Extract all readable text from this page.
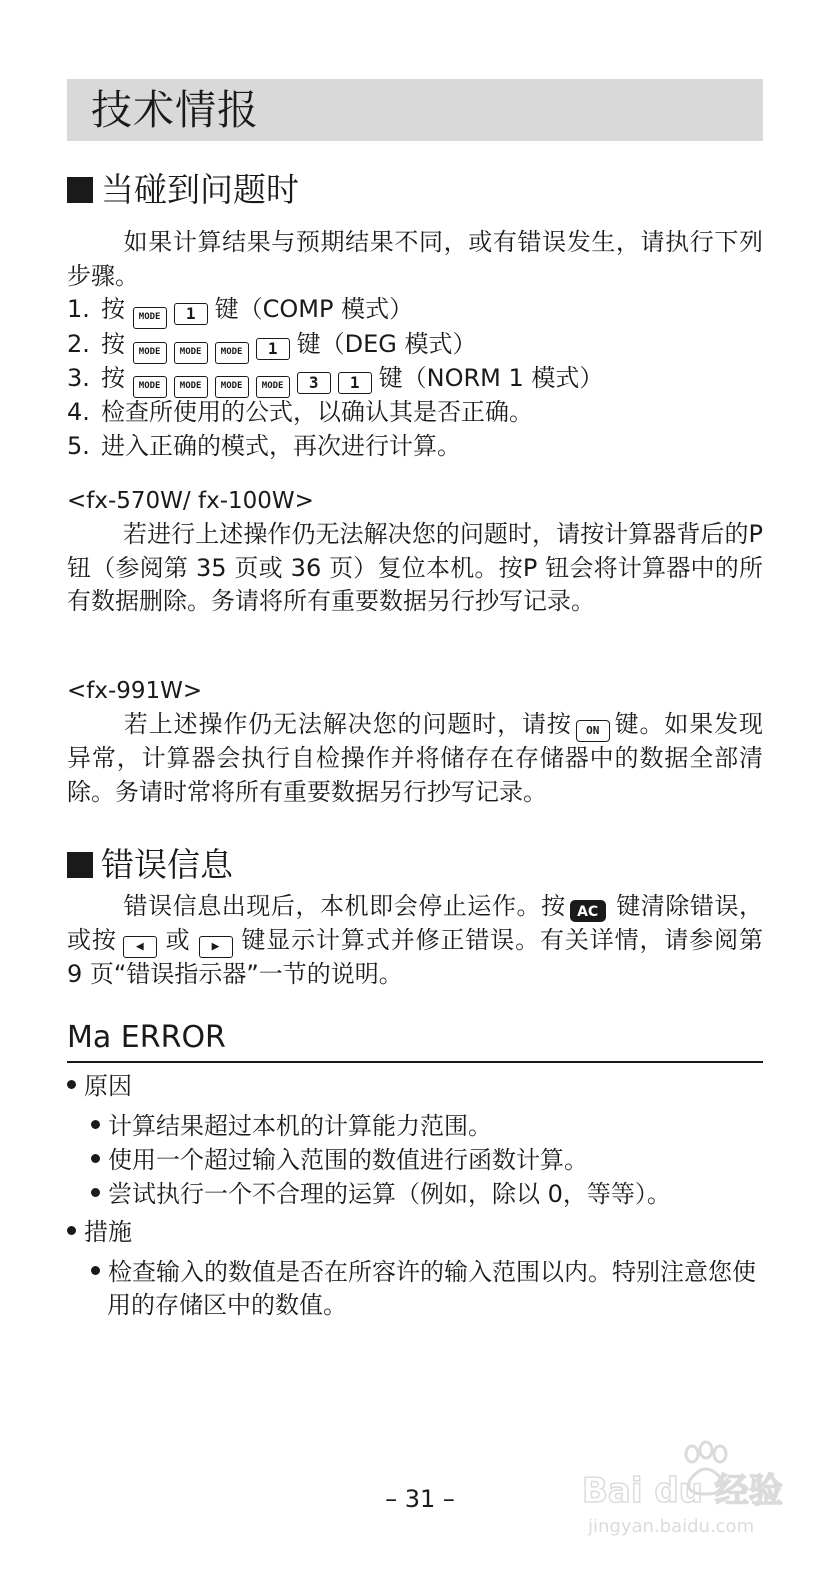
技术情报
当碰到问题时
如果计算结果与预期结果不同，或有错误发生，请执行下列步骤。
1. 按 MODE 1 键（COMP 模式）
2. 按 MODE MODE MODE 1 键（DEG 模式）
3. 按 MODE MODE MODE MODE 3 1 键（NORM 1 模式）
4. 检查所使用的公式，以确认其是否正确。
5. 进入正确的模式，再次进行计算。
<fx-570W/ fx-100W>
若进行上述操作仍无法解决您的问题时，请按计算器背后的P 钮（参阅第 35 页或 36 页）复位本机。按P 钮会将计算器中的所有数据删除。务请将所有重要数据另行抄写记录。
<fx-991W>
若上述操作仍无法解决您的问题时，请按 ON 键。如果发现异常，计算器会执行自检操作并将储存在存储器中的数据全部清除。务请时常将所有重要数据另行抄写记录。
错误信息
错误信息出现后，本机即会停止运作。按 AC 键清除错误，或按 ◀ 或 ▶ 键显示计算式并修正错误。有关详情，请参阅第 9 页“错误指示器”一节的说明。
Ma ERROR
原因
计算结果超过本机的计算能力范围。
使用一个超过输入范围的数值进行函数计算。
尝试执行一个不合理的运算（例如，除以 0，等等）。
措施
检查输入的数值是否在所容许的输入范围以内。特别注意您使用的存储区中的数值。
– 31 –	Bai du 经验
jingyan.baidu.com
